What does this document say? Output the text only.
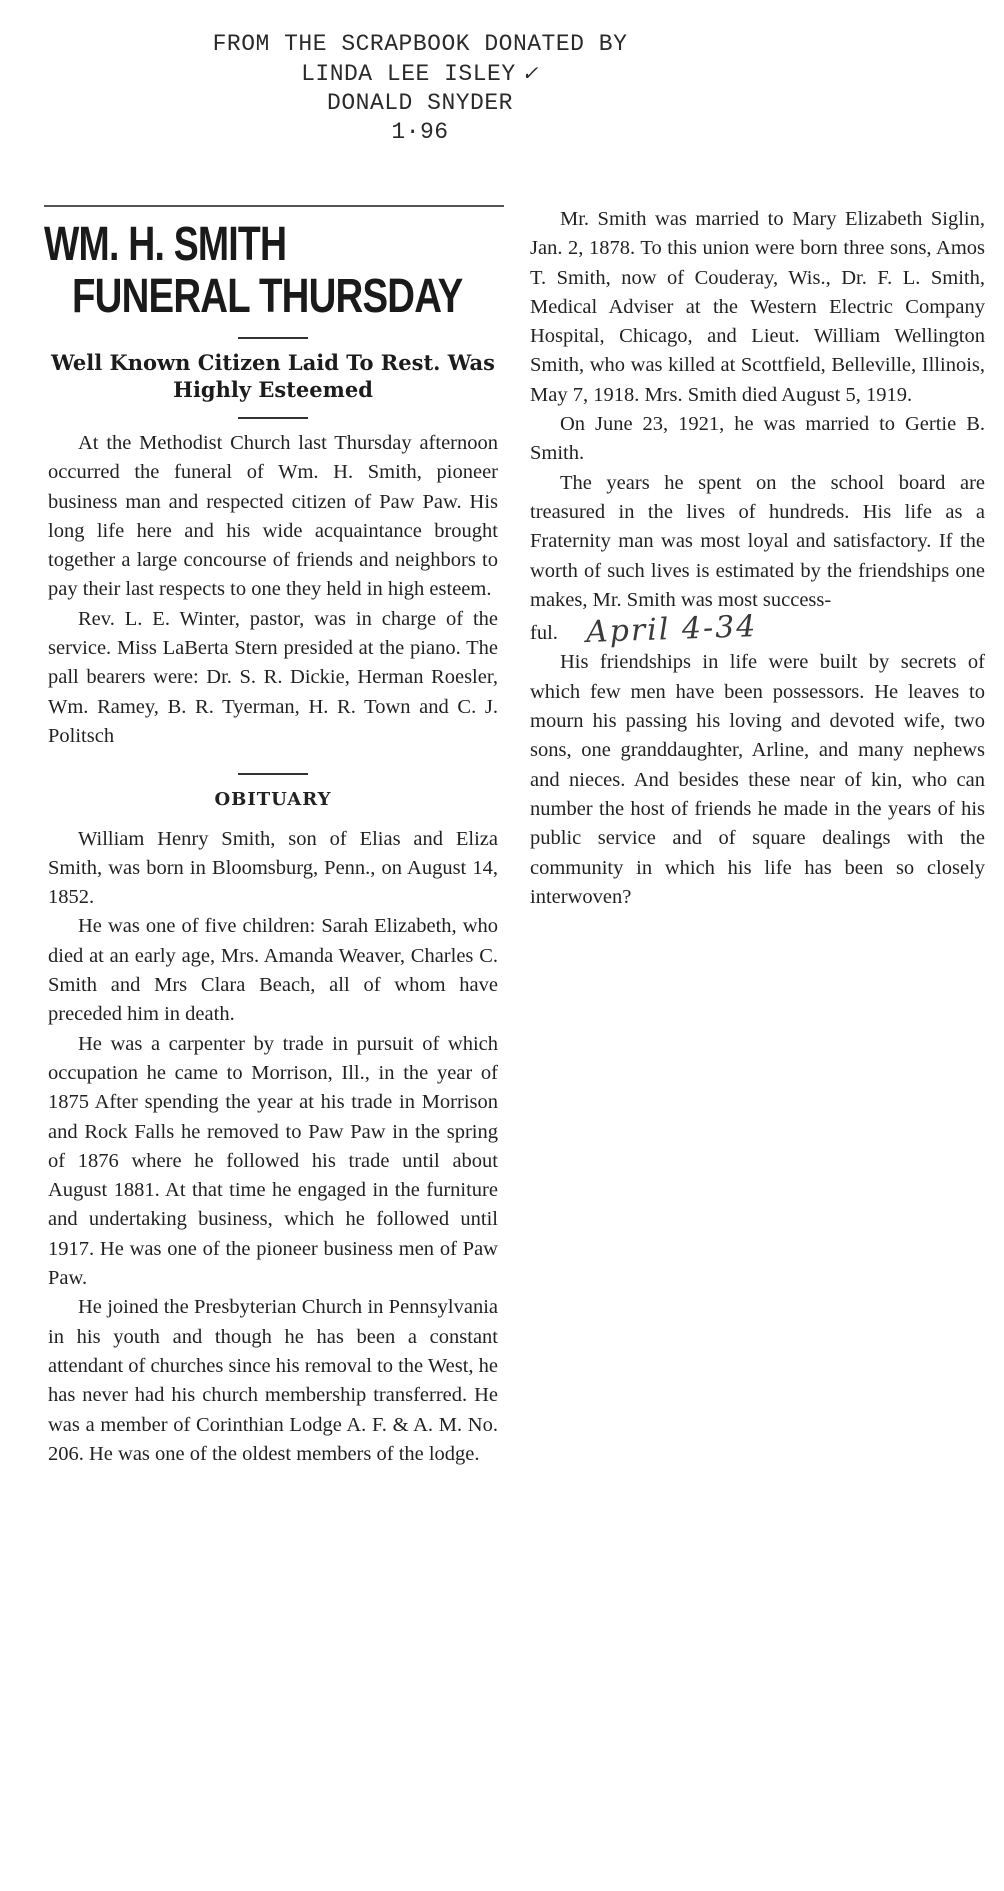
FROM THE SCRAPBOOK DONATED BY
LINDA LEE ISLEY ✓
DONALD SNYDER
1·96
WM. H. SMITH
FUNERAL THURSDAY
Well Known Citizen Laid To Rest. Was Highly Esteemed

At the Methodist Church last Thursday afternoon occurred the funeral of Wm. H. Smith, pioneer business man and respected citizen of Paw Paw. His long life here and his wide acquaintance brought together a large concourse of friends and neighbors to pay their last respects to one they held in high esteem.

Rev. L. E. Winter, pastor, was in charge of the service. Miss LaBerta Stern presided at the piano. The pall bearers were: Dr. S. R. Dickie, Herman Roesler, Wm. Ramey, B. R. Tyerman, H. R. Town and C. J. Politsch

OBITUARY

William Henry Smith, son of Elias and Eliza Smith, was born in Bloomsburg, Penn., on August 14, 1852.

He was one of five children: Sarah Elizabeth, who died at an early age, Mrs. Amanda Weaver, Charles C. Smith and Mrs Clara Beach, all of whom have preceded him in death.

He was a carpenter by trade in pursuit of which occupation he came to Morrison, Ill., in the year of 1875 After spending the year at his trade in Morrison and Rock Falls he removed to Paw Paw in the spring of 1876 where he followed his trade until about August 1881. At that time he engaged in the furniture and undertaking business, which he followed until 1917. He was one of the pioneer business men of Paw Paw.

He joined the Presbyterian Church in Pennsylvania in his youth and though he has been a constant attendant of churches since his removal to the West, he has never had his church membership transferred. He was a member of Corinthian Lodge A. F. & A. M. No. 206. He was one of the oldest members of the lodge.

Mr. Smith was married to Mary Elizabeth Siglin, Jan. 2, 1878. To this union were born three sons, Amos T. Smith, now of Couderay, Wis., Dr. F. L. Smith, Medical Adviser at the Western Electric Company Hospital, Chicago, and Lieut. William Wellington Smith, who was killed at Scottfield, Belleville, Illinois, May 7, 1918. Mrs. Smith died August 5, 1919.

On June 23, 1921, he was married to Gertie B. Smith.

The years he spent on the school board are treasured in the lives of hundreds. His life as a Fraternity man was most loyal and satisfactory. If the worth of such lives is estimated by the friendships one makes, Mr. Smith was most success-

ful. April 4-34

His friendships in life were built by secrets of which few men have been possessors. He leaves to mourn his passing his loving and devoted wife, two sons, one granddaughter, Arline, and many nephews and nieces. And besides these near of kin, who can number the host of friends he made in the years of his public service and of square dealings with the community in which his life has been so closely interwoven?
